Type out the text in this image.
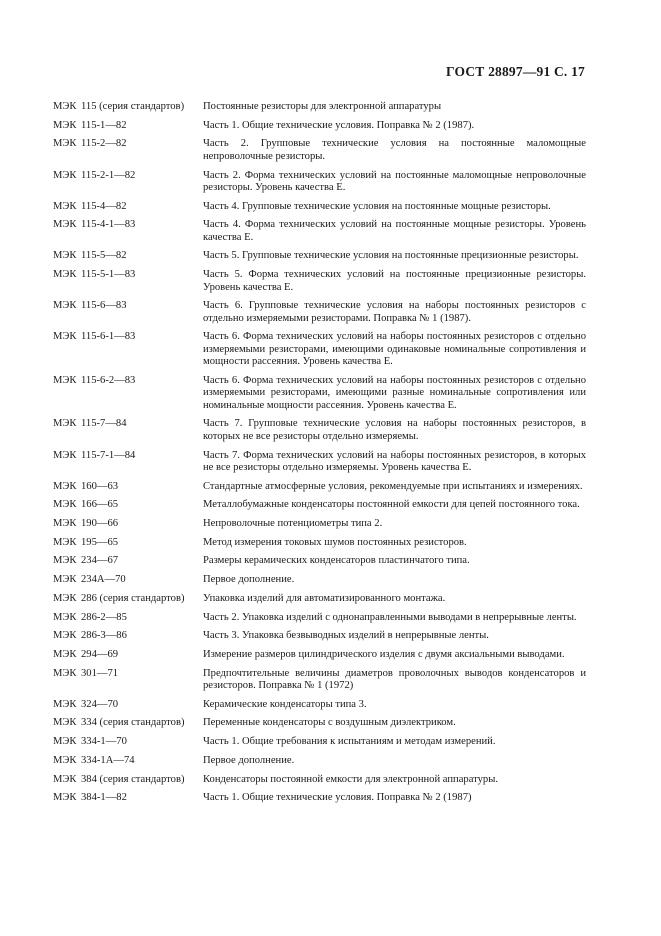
ГОСТ 28897—91 С. 17
МЭК 115 (серия стандартов)	Постоянные резисторы для электронной аппаратуры
МЭК 115-1—82	Часть 1. Общие технические условия. Поправка № 2 (1987).
МЭК 115-2—82	Часть 2. Групповые технические условия на постоянные маломощные непроволочные резисторы.
МЭК 115-2-1—82	Часть 2. Форма технических условий на постоянные маломощные непроволочные резисторы. Уровень качества Е.
МЭК 115-4—82	Часть 4. Групповые технические условия на постоянные мощные резисторы.
МЭК 115-4-1—83	Часть 4. Форма технических условий на постоянные мощные резисторы. Уровень качества Е.
МЭК 115-5—82	Часть 5. Групповые технические условия на постоянные прецизионные резисторы.
МЭК 115-5-1—83	Часть 5. Форма технических условий на постоянные прецизионные резисторы. Уровень качества Е.
МЭК 115-6—83	Часть 6. Групповые технические условия на наборы постоянных резисторов с отдельно измеряемыми резисторами. Поправка № 1 (1987).
МЭК 115-6-1—83	Часть 6. Форма технических условий на наборы постоянных резисторов с отдельно измеряемыми резисторами, имеющими одинаковые номинальные сопротивления и мощности рассеяния. Уровень качества Е.
МЭК 115-6-2—83	Часть 6. Форма технических условий на наборы постоянных резисторов с отдельно измеряемыми резисторами, имеющими разные номинальные сопротивления или номинальные мощности рассеяния. Уровень качества Е.
МЭК 115-7—84	Часть 7. Групповые технические условия на наборы постоянных резисторов, в которых не все резисторы отдельно измеряемы.
МЭК 115-7-1—84	Часть 7. Форма технических условий на наборы постоянных резисторов, в которых не все резисторы отдельно измеряемы. Уровень качества Е.
МЭК 160—63	Стандартные атмосферные условия, рекомендуемые при испытаниях и измерениях.
МЭК 166—65	Металлобумажные конденсаторы постоянной емкости для цепей постоянного тока.
МЭК 190—66	Непроволочные потенциометры типа 2.
МЭК 195—65	Метод измерения токовых шумов постоянных резисторов.
МЭК 234—67	Размеры керамических конденсаторов пластинчатого типа.
МЭК 234А—70	Первое дополнение.
МЭК 286 (серия стандартов)	Упаковка изделий для автоматизированного монтажа.
МЭК 286-2—85	Часть 2. Упаковка изделий с однонаправленными выводами в непрерывные ленты.
МЭК 286-3—86	Часть 3. Упаковка безвыводных изделий в непрерывные ленты.
МЭК 294—69	Измерение размеров цилиндрического изделия с двумя аксиальными выводами.
МЭК 301—71	Предпочтительные величины диаметров проволочных выводов конденсаторов и резисторов. Поправка № 1 (1972)
МЭК 324—70	Керамические конденсаторы типа 3.
МЭК 334 (серия стандартов)	Переменные конденсаторы с воздушным диэлектриком.
МЭК 334-1—70	Часть 1. Общие требования к испытаниям и методам измерений.
МЭК 334-1А—74	Первое дополнение.
МЭК 384 (серия стандартов)	Конденсаторы постоянной емкости для электронной аппаратуры.
МЭК 384-1—82	Часть 1. Общие технические условия. Поправка № 2 (1987)
